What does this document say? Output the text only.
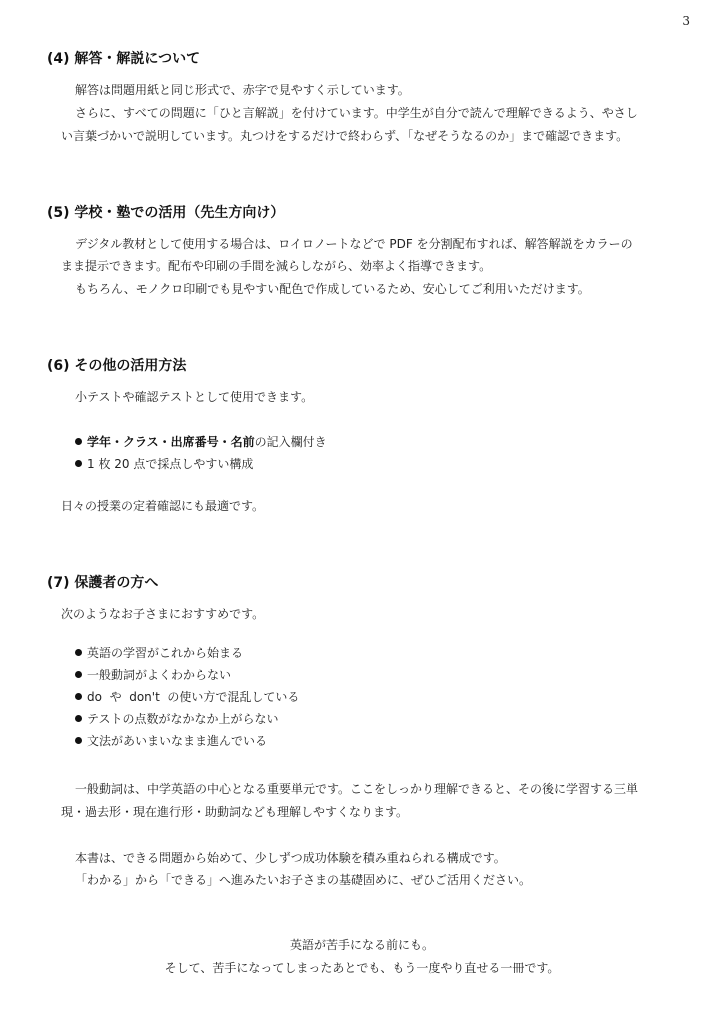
3
(4) 解答・解説について
解答は問題用紙と同じ形式で、赤字で見やすく示しています。
さらに、すべての問題に「ひと言解説」を付けています。中学生が自分で読んで理解できるよう、やさし
い言葉づかいで説明しています。丸つけをするだけで終わらず、「なぜそうなるのか」まで確認できます。
(5) 学校・塾での活用（先生方向け）
デジタル教材として使用する場合は、ロイロノートなどで PDF を分割配布すれば、解答解説をカラーの
まま提示できます。配布や印刷の手間を減らしながら、効率よく指導できます。
もちろん、モノクロ印刷でも見やすい配色で作成しているため、安心してご利用いただけます。
(6) その他の活用方法
小テストや確認テストとして使用できます。
学年・クラス・出席番号・名前の記入欄付き
1 枚 20 点で採点しやすい構成
日々の授業の定着確認にも最適です。
(7) 保護者の方へ
次のようなお子さまにおすすめです。
英語の学習がこれから始まる
一般動詞がよくわからない
do  や  don't  の使い方で混乱している
テストの点数がなかなか上がらない
文法があいまいなまま進んでいる
一般動詞は、中学英語の中心となる重要単元です。ここをしっかり理解できると、その後に学習する三単
現・過去形・現在進行形・助動詞なども理解しやすくなります。
本書は、できる問題から始めて、少しずつ成功体験を積み重ねられる構成です。
「わかる」から「できる」へ進みたいお子さまの基礎固めに、ぜひご活用ください。
英語が苦手になる前にも。
そして、苦手になってしまったあとでも、もう一度やり直せる一冊です。
